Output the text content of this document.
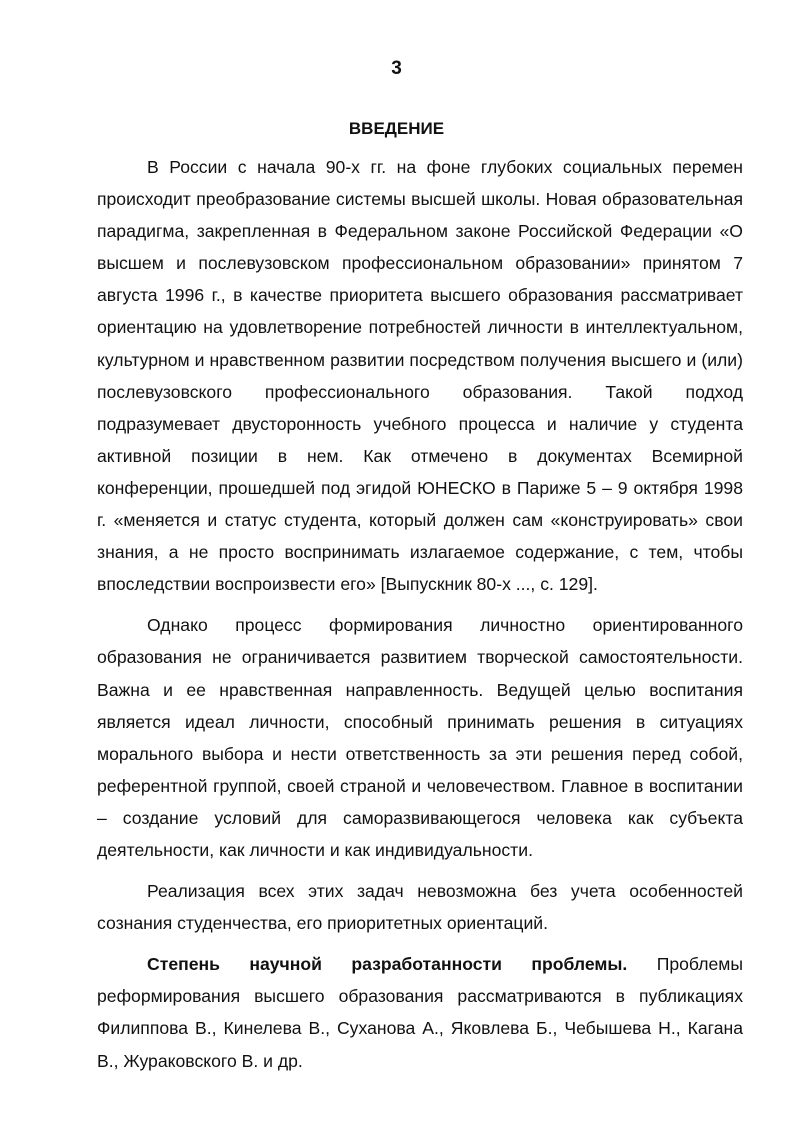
3
ВВЕДЕНИЕ

В России с начала 90-х гг. на фоне глубоких социальных перемен происходит преобразование системы высшей школы. Новая образовательная парадигма, закрепленная в Федеральном законе Российской Федерации «О высшем и послевузовском профессиональном образовании» принятом 7 августа 1996 г., в качестве приоритета высшего образования рассматривает ориентацию на удовлетворение потребностей личности в интеллектуальном, культурном и нравственном развитии посредством получения высшего и (или) послевузовского профессионального образования. Такой подход подразумевает двусторонность учебного процесса и наличие у студента активной позиции в нем. Как отмечено в документах Всемирной конференции, прошедшей под эгидой ЮНЕСКО в Париже 5 – 9 октября 1998 г. «меняется и статус студента, который должен сам «конструировать» свои знания, а не просто воспринимать излагаемое содержание, с тем, чтобы впоследствии воспроизвести его» [Выпускник 80-х ..., с. 129].

Однако процесс формирования личностно ориентированного образования не ограничивается развитием творческой самостоятельности. Важна и ее нравственная направленность. Ведущей целью воспитания является идеал личности, способный принимать решения в ситуациях морального выбора и нести ответственность за эти решения перед собой, референтной группой, своей страной и человечеством. Главное в воспитании – создание условий для саморазвивающегося человека как субъекта деятельности, как личности и как индивидуальности.

Реализация всех этих задач невозможна без учета особенностей сознания студенчества, его приоритетных ориентаций.

Степень научной разработанности проблемы. Проблемы реформирования высшего образования рассматриваются в публикациях Филиппова В., Кинелева В., Суханова А., Яковлева Б., Чебышева Н., Кагана В., Жураковского В. и др.
